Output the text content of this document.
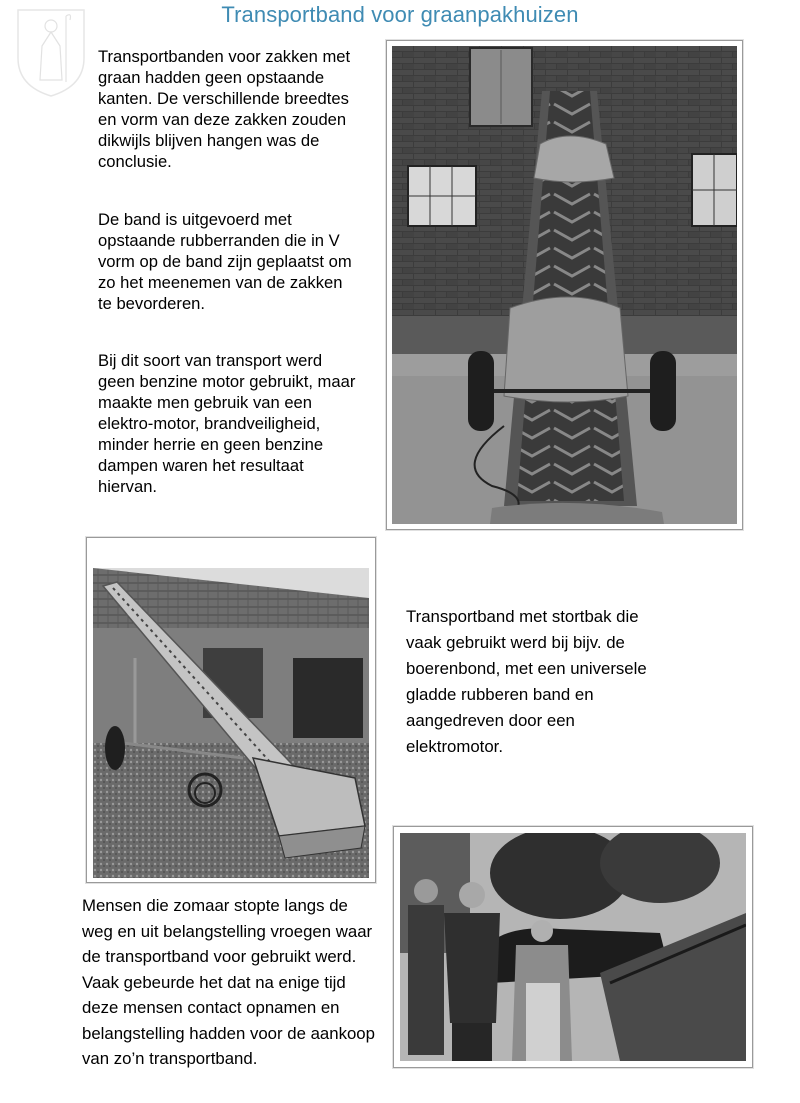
Transportband voor graanpakhuizen

Transportbanden voor zakken met graan hadden geen opstaande kanten. De verschillende breedtes en vorm van deze zakken zouden dikwijls blijven hangen was de conclusie.

De band is uitgevoerd met opstaande rubberranden die in V vorm op de band zijn geplaatst om zo het meenemen van de zakken te bevorderen.

Bij dit soort van transport werd geen benzine motor gebruikt, maar maakte men gebruik van een elektro-motor, brandveiligheid, minder herrie en geen benzine dampen waren het resultaat hiervan.

Transportband met stortbak die vaak gebruikt werd bij bijv. de boerenbond, met een universele gladde rubberen band en aangedreven door een elektromotor.

Mensen die zomaar stopte langs de weg en uit belangstelling vroegen waar de transportband voor gebruikt werd. Vaak gebeurde het dat na enige tijd deze mensen contact opnamen en belangstelling hadden voor de aankoop van zo’n transportband.
